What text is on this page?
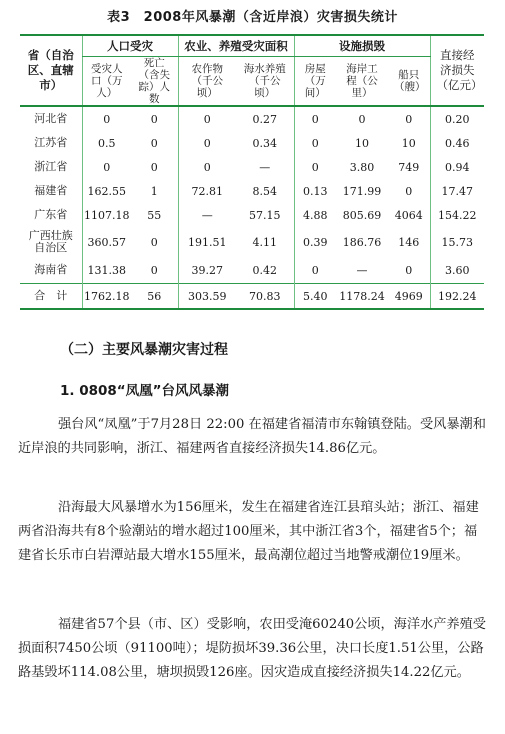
表3　2008年风暴潮（含近岸浪）灾害损失统计
省（自治区、直辖市）	人口受灾		农业、养殖受灾面积		设施损毁			直接经济损失（亿元）
	受灾人口（万人）	死亡（含失踪）人数	农作物（千公顷）	海水养殖（千公顷）	房屋（万间）	海岸工程（公里）	船只（艘）	
河北省	0	0	0	0.27	0	0	0	0.20
江苏省	0.5	0	0	0.34	0	10	10	0.46
浙江省	0	0	0	—	0	3.80	749	0.94
福建省	162.55	1	72.81	8.54	0.13	171.99	0	17.47
广东省	1107.18	55	—	57.15	4.88	805.69	4064	154.22
广西壮族自治区	360.57	0	191.51	4.11	0.39	186.76	146	15.73
海南省	131.38	0	39.27	0.42	0	—	0	3.60
合　计	1762.18	56	303.59	70.83	5.40	1178.24	4969	192.24
（二）主要风暴潮灾害过程
1. 0808“凤凰”台风风暴潮

强台风“凤凰”于7月28日 22:00 在福建省福清市东翰镇登陆。受风暴潮和近岸浪的共同影响，浙江、福建两省直接经济损失14.86亿元。

沿海最大风暴增水为156厘米，发生在福建省连江县琯头站；浙江、福建两省沿海共有8个验潮站的增水超过100厘米，其中浙江省3个，福建省5个；福建省长乐市白岩潭站最大增水155厘米，最高潮位超过当地警戒潮位19厘米。

福建省57个县（市、区）受影响，农田受淹60240公顷，海洋水产养殖受损面积7450公顷（91100吨）；堤防损坏39.36公里，决口长度1.51公里，公路路基毁坏114.08公里，塘坝损毁126座。因灾造成直接经济损失14.22亿元。
